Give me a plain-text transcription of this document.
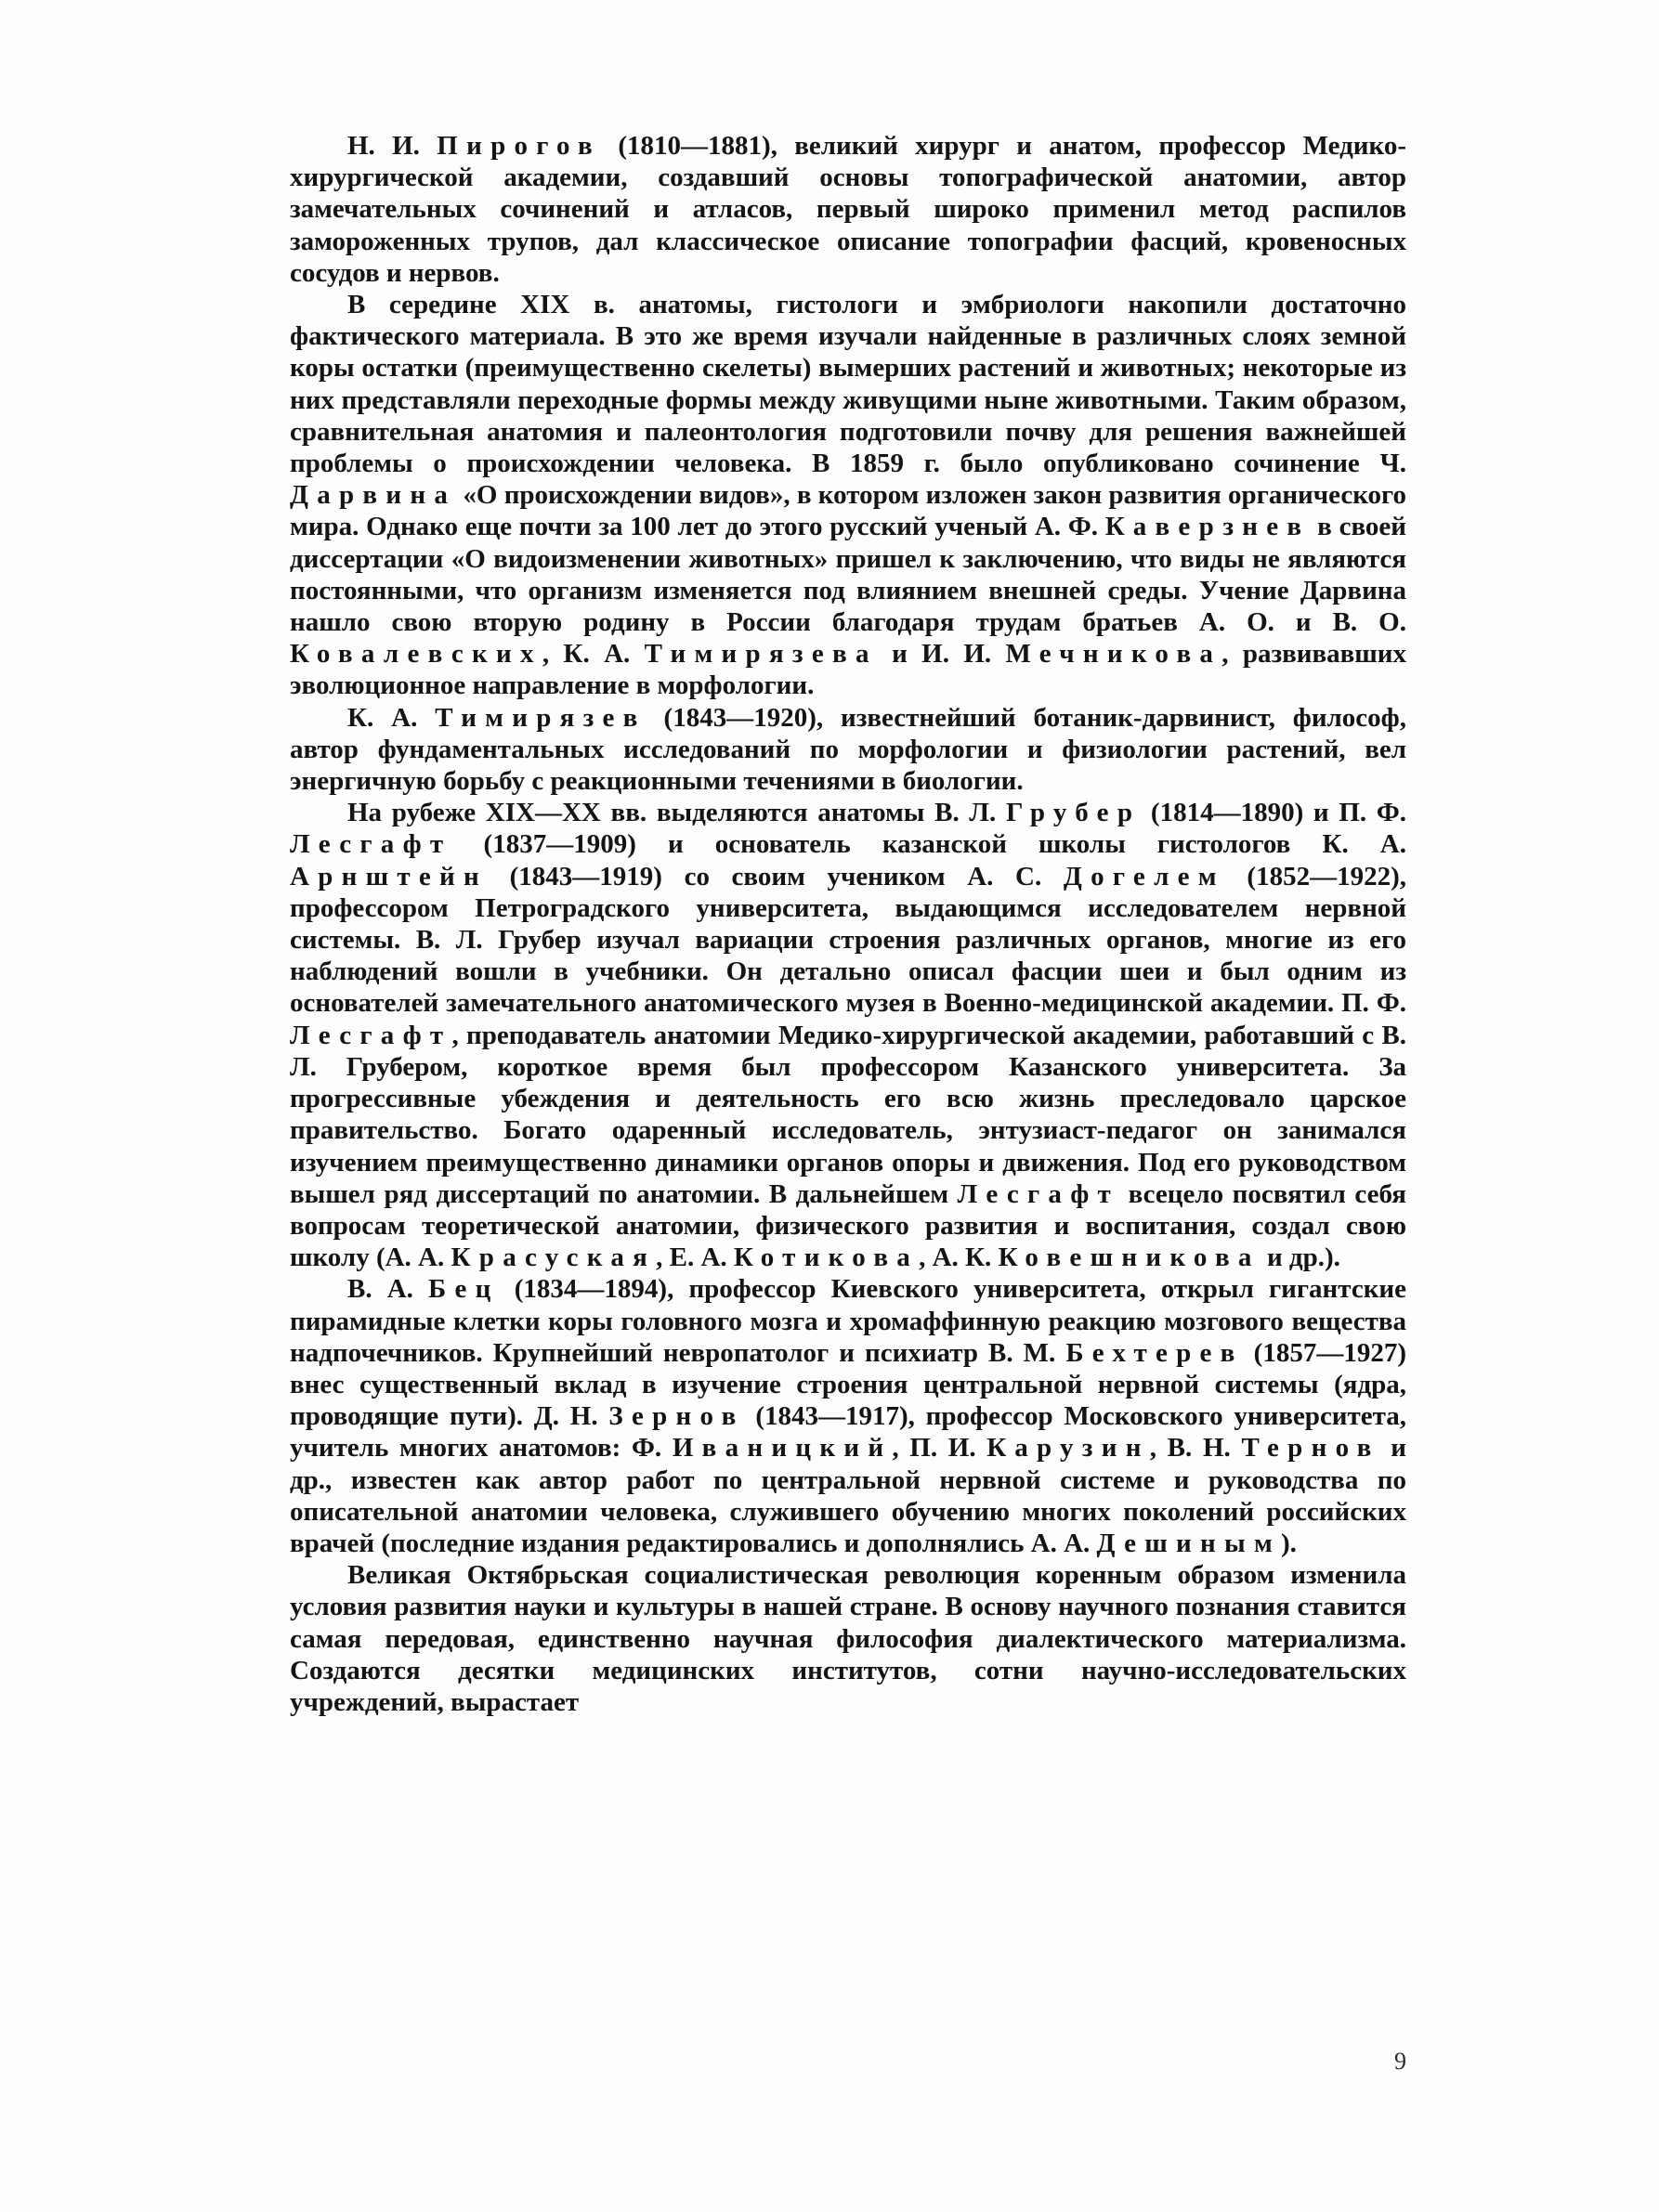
Н. И. Пирогов (1810—1881), великий хирург и анатом, профессор Медико-хирургической академии, создавший основы топографической анатомии, автор замечательных сочинений и атласов, первый широко применил метод распилов замороженных трупов, дал классическое описание топографии фасций, кровеносных сосудов и нервов.

В середине XIX в. анатомы, гистологи и эмбриологи накопили достаточно фактического материала. В это же время изучали найденные в различных слоях земной коры остатки (преимущественно скелеты) вымерших растений и животных; некоторые из них представляли переходные формы между живущими ныне животными. Таким образом, сравнительная анатомия и палеонтология подготовили почву для решения важнейшей проблемы о происхождении человека. В 1859 г. было опубликовано сочинение Ч. Дарвина «О происхождении видов», в котором изложен закон развития органического мира. Однако еще почти за 100 лет до этого русский ученый А. Ф. Каверзнев в своей диссертации «О видоизменении животных» пришел к заключению, что виды не являются постоянными, что организм изменяется под влиянием внешней среды. Учение Дарвина нашло свою вторую родину в России благодаря трудам братьев А. О. и В. О. Ковалевских, К. А. Тимирязева и И. И. Мечникова, развивавших эволюционное направление в морфологии.

К. А. Тимирязев (1843—1920), известнейший ботаник-дарвинист, философ, автор фундаментальных исследований по морфологии и физиологии растений, вел энергичную борьбу с реакционными течениями в биологии.

На рубеже XIX—XX вв. выделяются анатомы В. Л. Грубер (1814—1890) и П. Ф. Лесгафт (1837—1909) и основатель казанской школы гистологов К. А. Арнштейн (1843—1919) со своим учеником А. С. Догелем (1852—1922), профессором Петроградского университета, выдающимся исследователем нервной системы. В. Л. Грубер изучал вариации строения различных органов, многие из его наблюдений вошли в учебники. Он детально описал фасции шеи и был одним из основателей замечательного анатомического музея в Военно-медицинской академии. П. Ф. Лесгафт, преподаватель анатомии Медико-хирургической академии, работавший с В. Л. Грубером, короткое время был профессором Казанского университета. За прогрессивные убеждения и деятельность его всю жизнь преследовало царское правительство. Богато одаренный исследователь, энтузиаст-педагог он занимался изучением преимущественно динамики органов опоры и движения. Под его руководством вышел ряд диссертаций по анатомии. В дальнейшем Лесгафт всецело посвятил себя вопросам теоретической анатомии, физического развития и воспитания, создал свою школу (А. А. Красуская, Е. А. Котикова, А. К. Ковешникова и др.).

В. А. Бец (1834—1894), профессор Киевского университета, открыл гигантские пирамидные клетки коры головного мозга и хромаффинную реакцию мозгового вещества надпочечников. Крупнейший невропатолог и психиатр В. М. Бехтерев (1857—1927) внес существенный вклад в изучение строения центральной нервной системы (ядра, проводящие пути). Д. Н. Зернов (1843—1917), профессор Московского университета, учитель многих анатомов: Ф. Иваницкий, П. И. Карузин, В. Н. Тернов и др., известен как автор работ по центральной нервной системе и руководства по описательной анатомии человека, служившего обучению многих поколений российских врачей (последние издания редактировались и дополнялись А. А. Дешиным).

Великая Октябрьская социалистическая революция коренным образом изменила условия развития науки и культуры в нашей стране. В основу научного познания ставится самая передовая, единственно научная философия диалектического материализма. Создаются десятки медицинских институтов, сотни научно-исследовательских учреждений, вырастает

9
